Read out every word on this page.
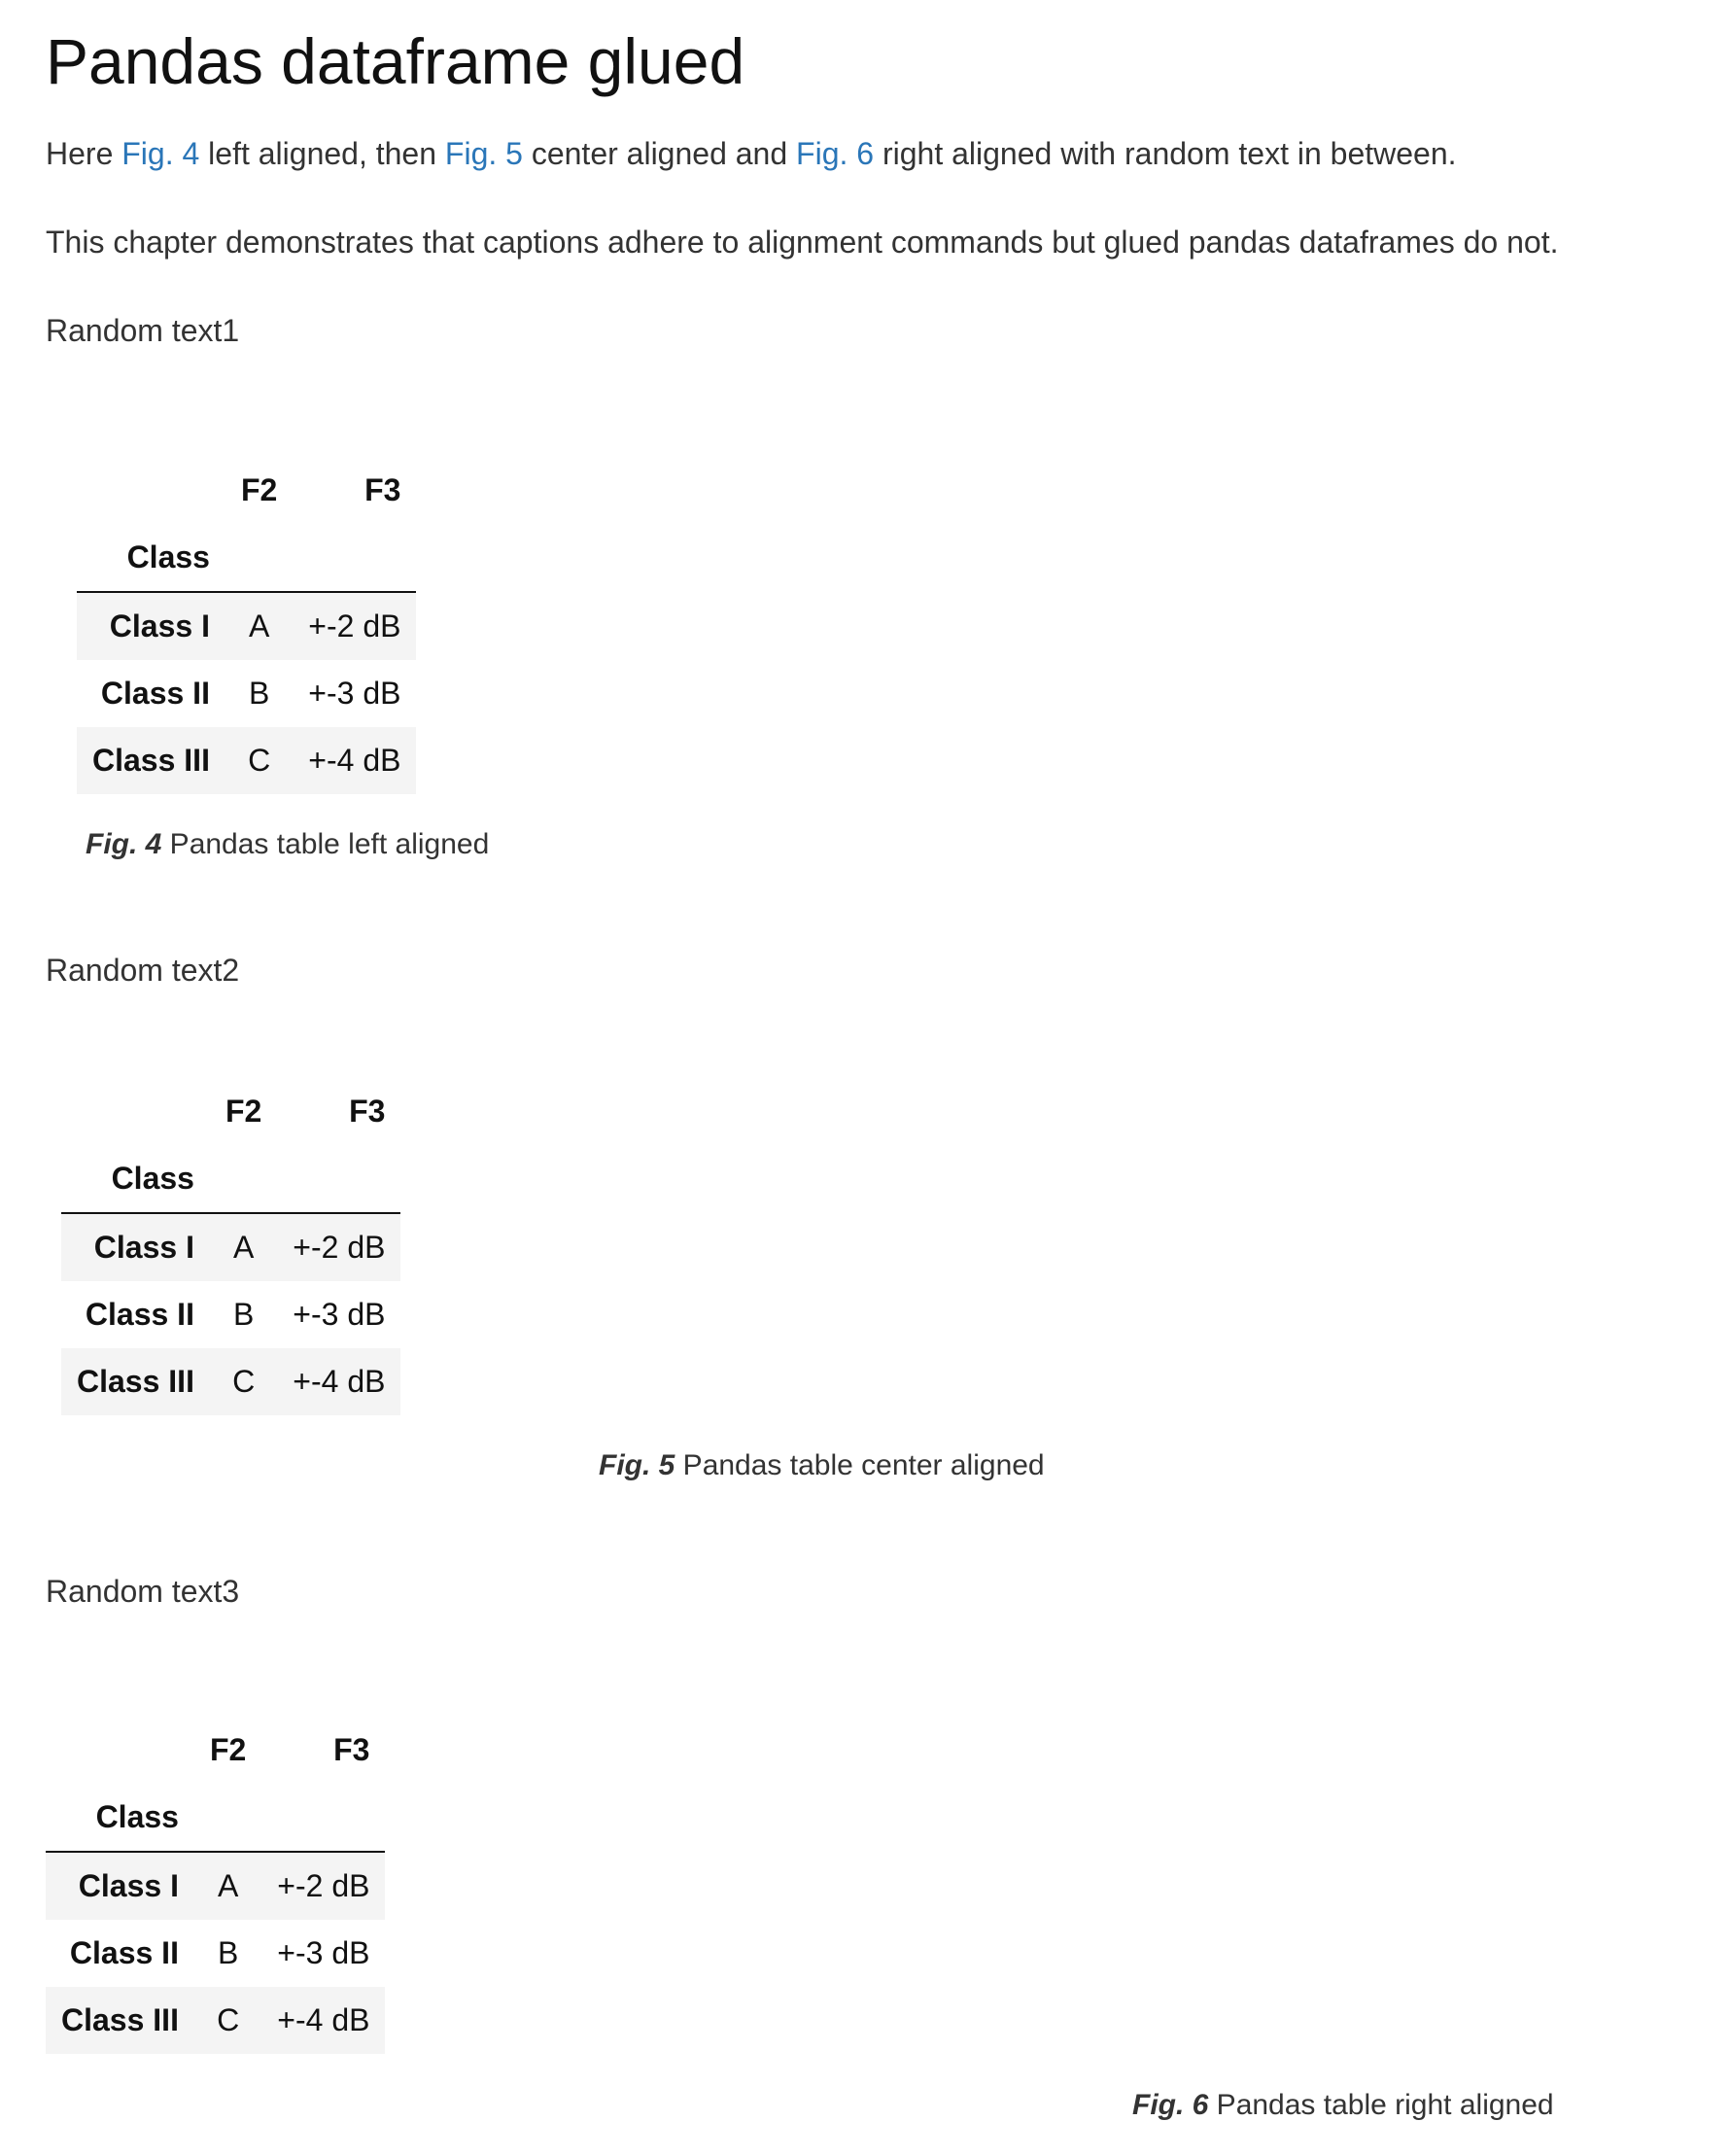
Pandas dataframe glued

Here Fig. 4 left aligned, then Fig. 5 center aligned and Fig. 6 right aligned with random text in between.

This chapter demonstrates that captions adhere to alignment commands but glued pandas dataframes do not.

Random text1

	F2	F3
Class		
Class I	A	+-2 dB
Class II	B	+-3 dB
Class III	C	+-4 dB
Fig. 4 Pandas table left aligned

Random text2

	F2	F3
Class		
Class I	A	+-2 dB
Class II	B	+-3 dB
Class III	C	+-4 dB
Fig. 5 Pandas table center aligned

Random text3

	F2	F3
Class		
Class I	A	+-2 dB
Class II	B	+-3 dB
Class III	C	+-4 dB
Fig. 6 Pandas table right aligned
